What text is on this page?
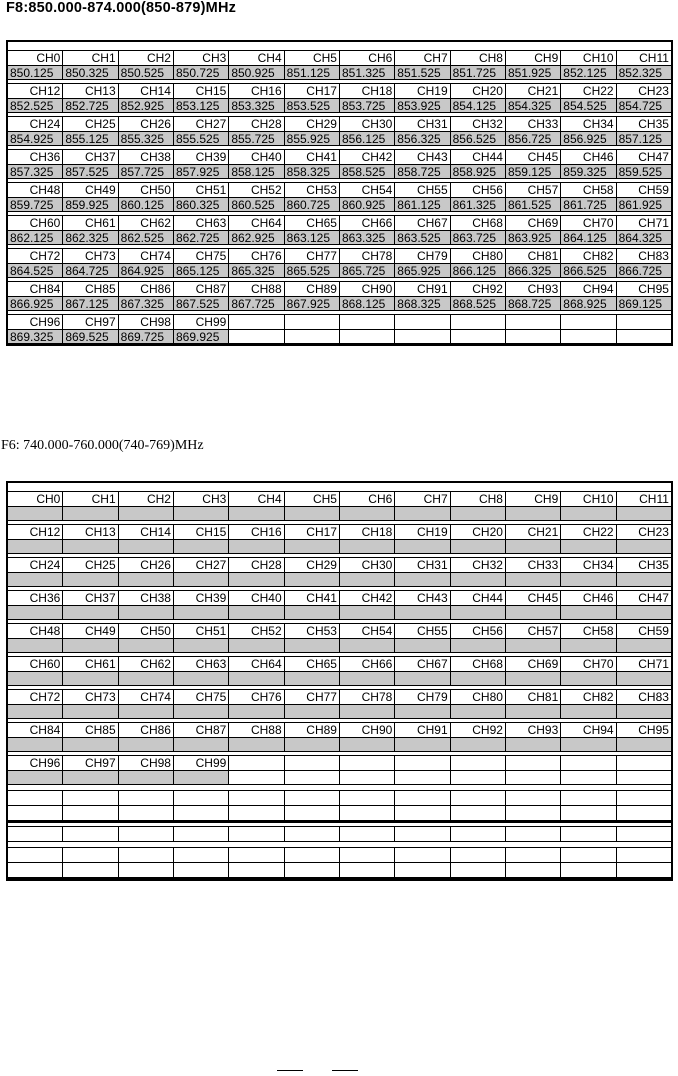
F8:850.000-874.000(850-879)MHz
CH0	CH1	CH2	CH3	CH4	CH5	CH6	CH7	CH8	CH9	CH10	CH11
850.125 850.325 850.525 850.725 850.925 851.125 851.325 851.525 851.725 851.925 852.125 852.325
CH12	CH13	CH14	CH15	CH16	CH17	CH18	CH19	CH20	CH21	CH22	CH23
852.525 852.725 852.925 853.125 853.325 853.525 853.725 853.925 854.125 854.325 854.525 854.725
CH24	CH25	CH26	CH27	CH28	CH29	CH30	CH31	CH32	CH33	CH34	CH35
854.925 855.125 855.325 855.525 855.725 855.925 856.125 856.325 856.525 856.725 856.925 857.125
CH36	CH37	CH38	CH39	CH40	CH41	CH42	CH43	CH44	CH45	CH46	CH47
857.325 857.525 857.725 857.925 858.125 858.325 858.525 858.725 858.925 859.125 859.325 859.525
CH48	CH49	CH50	CH51	CH52	CH53	CH54	CH55	CH56	CH57	CH58	CH59
859.725 859.925 860.125 860.325 860.525 860.725 860.925 861.125 861.325 861.525 861.725 861.925
CH60	CH61	CH62	CH63	CH64	CH65	CH66	CH67	CH68	CH69	CH70	CH71
862.125 862.325 862.525 862.725 862.925 863.125 863.325 863.525 863.725 863.925 864.125 864.325
CH72	CH73	CH74	CH75	CH76	CH77	CH78	CH79	CH80	CH81	CH82	CH83
864.525 864.725 864.925 865.125 865.325 865.525 865.725 865.925 866.125 866.325 866.525 866.725
CH84	CH85	CH86	CH87	CH88	CH89	CH90	CH91	CH92	CH93	CH94	CH95
866.925 867.125 867.325 867.525 867.725 867.925 868.125 868.325 868.525 868.725 868.925 869.125
CH96	CH97	CH98	CH99
869.325 869.525 869.725 869.925
F6: 740.000-760.000(740-769)MHz
CH0	CH1	CH2	CH3	CH4	CH5	CH6	CH7	CH8	CH9	CH10	CH11
CH12	CH13	CH14	CH15	CH16	CH17	CH18	CH19	CH20	CH21	CH22	CH23
CH24	CH25	CH26	CH27	CH28	CH29	CH30	CH31	CH32	CH33	CH34	CH35
CH36	CH37	CH38	CH39	CH40	CH41	CH42	CH43	CH44	CH45	CH46	CH47
CH48	CH49	CH50	CH51	CH52	CH53	CH54	CH55	CH56	CH57	CH58	CH59
CH60	CH61	CH62	CH63	CH64	CH65	CH66	CH67	CH68	CH69	CH70	CH71
CH72	CH73	CH74	CH75	CH76	CH77	CH78	CH79	CH80	CH81	CH82	CH83
CH84	CH85	CH86	CH87	CH88	CH89	CH90	CH91	CH92	CH93	CH94	CH95
CH96	CH97	CH98	CH99
